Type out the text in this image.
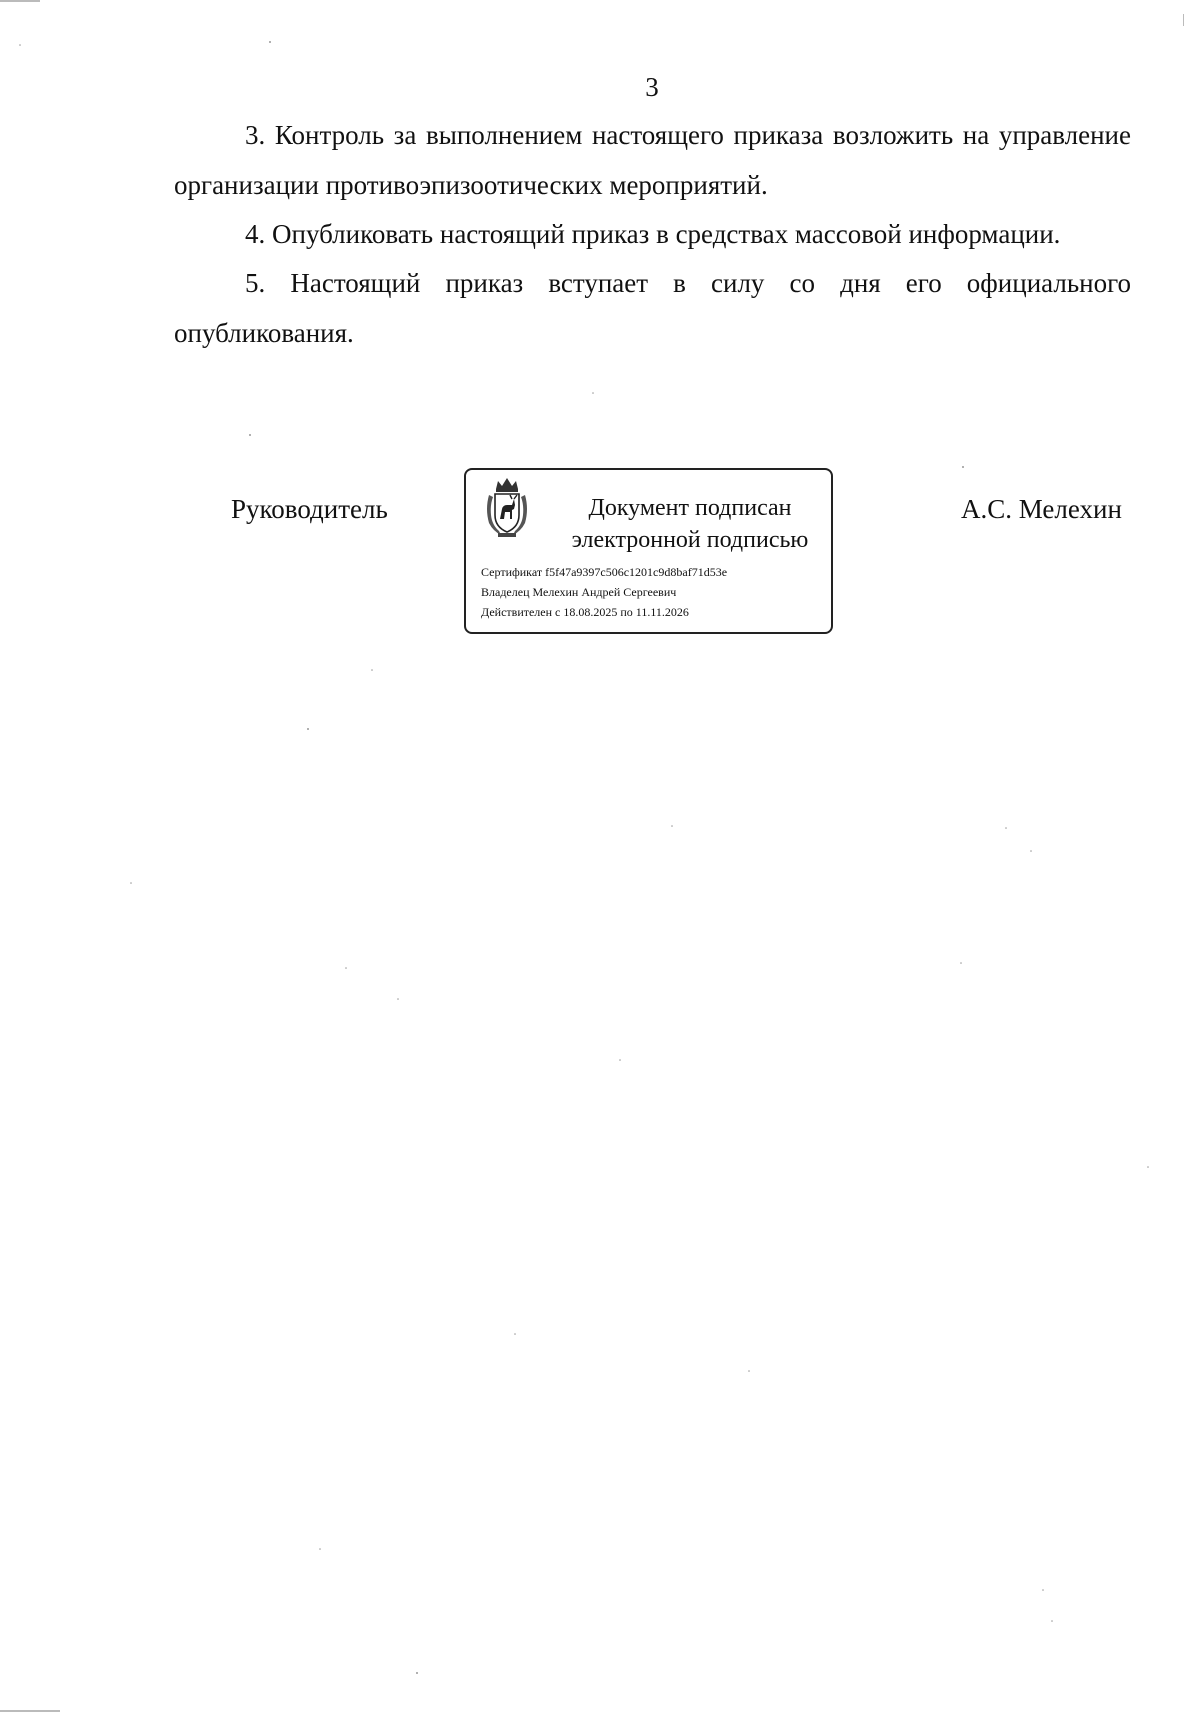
3

3. Контроль за выполнением настоящего приказа возложить на управление организации противоэпизоотических мероприятий.

4. Опубликовать настоящий приказ в средствах массовой информации.

5. Настоящий приказ вступает в силу со дня его официального опубликования.

Руководитель	А.С. Мелехин
Документ подписан
электронной подписью
Сертификат f5f47a9397c506c1201c9d8baf71d53e
Владелец Мелехин Андрей Сергеевич
Действителен с 18.08.2025 по 11.11.2026
